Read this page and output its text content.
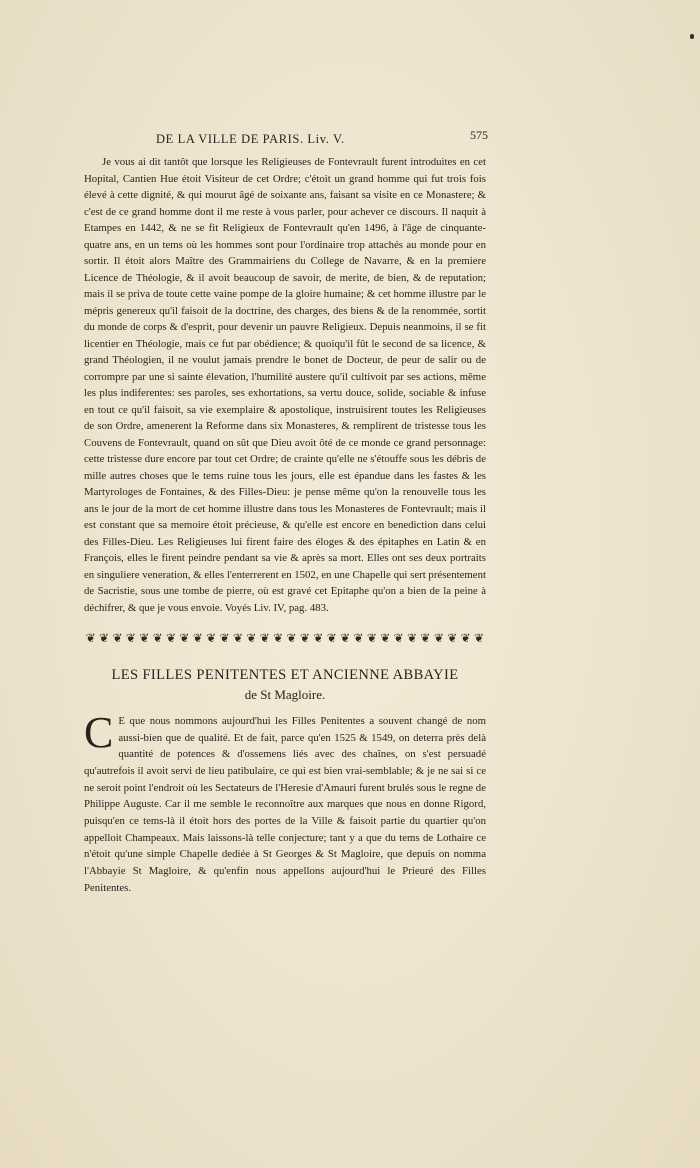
DE LA VILLE DE PARIS. Liv. V.	575

Je vous ai dit tantôt que lorsque les Religieuses de Fontevrault furent introduites en cet Hopital, Cantien Hue étoit Visiteur de cet Ordre; c'étoit un grand homme qui fut trois fois élevé à cette dignité, & qui mourut âgé de soixante ans, faisant sa visite en ce Monastere; & c'est de ce grand homme dont il me reste à vous parler, pour achever ce discours. Il naquit à Etampes en 1442, & ne se fit Religieux de Fontevrault qu'en 1496, à l'âge de cinquante-quatre ans, en un tems où les hommes sont pour l'ordinaire trop attachés au monde pour en sortir. Il étoit alors Maître des Grammairiens du College de Navarre, & en la premiere Licence de Théologie, & il avoit beaucoup de savoir, de merite, de bien, & de reputation; mais il se priva de toute cette vaine pompe de la gloire humaine; & cet homme illustre par le mépris genereux qu'il faisoit de la doctrine, des charges, des biens & de la renommée, sortit du monde de corps & d'esprit, pour devenir un pauvre Religieux. Depuis neanmoins, il se fit licentier en Théologie, mais ce fut par obédience; & quoiqu'il fût le second de sa licence, & grand Théologien, il ne voulut jamais prendre le bonet de Docteur, de peur de salir ou de corrompre par une si sainte élevation, l'humilité austere qu'il cultivoit par ses actions, même les plus indiferentes: ses paroles, ses exhortations, sa vertu douce, solide, sociable & infuse en tout ce qu'il faisoit, sa vie exemplaire & apostolique, instruisirent toutes les Religieuses de son Ordre, amenerent la Reforme dans six Monasteres, & remplirent de tristesse tous les Couvens de Fontevrault, quand on sût que Dieu avoit ôté de ce monde ce grand personnage: cette tristesse dure encore par tout cet Ordre; de crainte qu'elle ne s'étouffe sous les débris de mille autres choses que le tems ruine tous les jours, elle est épandue dans les fastes & les Martyrologes de Fontaines, & des Filles-Dieu: je pense même qu'on la renouvelle tous les ans le jour de la mort de cet homme illustre dans tous les Monasteres de Fontevrault; mais il est constant que sa memoire étoit précieuse, & qu'elle est encore en benediction dans celui des Filles-Dieu. Les Religieuses lui firent faire des éloges & des épitaphes en Latin & en François, elles le firent peindre pendant sa vie & après sa mort. Elles ont ses deux portraits en singuliere veneration, & elles l'enterrerent en 1502, en une Chapelle qui sert présentement de Sacristie, sous une tombe de pierre, où est gravé cet Epitaphe qu'on a bien de la peine à déchifrer, & que je vous envoie. Voyés Liv. IV, pag. 483.

❦ ❦ ❦ ❦ ❦ ❦ ❦ ❦ ❦ ❦ ❦ ❦ ❦ ❦ ❦ ❦ ❦ ❦ ❦ ❦ ❦ ❦ ❦ ❦ ❦ ❦ ❦ ❦ ❦ ❦
LES FILLES PENITENTES ET ANCIENNE ABBAYIE
de St Magloire.
C E que nous nommons aujourd'hui les Filles Penitentes a souvent changé de nom aussi-bien que de qualité. Et de fait, parce qu'en 1525 & 1549, on deterra près delà quantité de potences & d'ossemens liés avec des chaînes, on s'est persuadé qu'autrefois il avoit servi de lieu patibulaire, ce qui est bien vrai-semblable; & je ne sai si ce ne seroit point l'endroit où les Sectateurs de l'Heresie d'Amauri furent brulés sous le regne de Philippe Auguste. Car il me semble le reconnoître aux marques que nous en donne Rigord, puisqu'en ce tems-là il étoit hors des portes de la Ville & faisoit partie du quartier qu'on appelloit Champeaux. Mais laissons-là telle conjecture; tant y a que du tems de Lothaire ce n'étoit qu'une simple Chapelle dediée à St Georges & St Magloire, que depuis on nomma l'Abbayie St Magloire, & qu'enfin nous appellons aujourd'hui le Prieuré des Filles Penitentes.
